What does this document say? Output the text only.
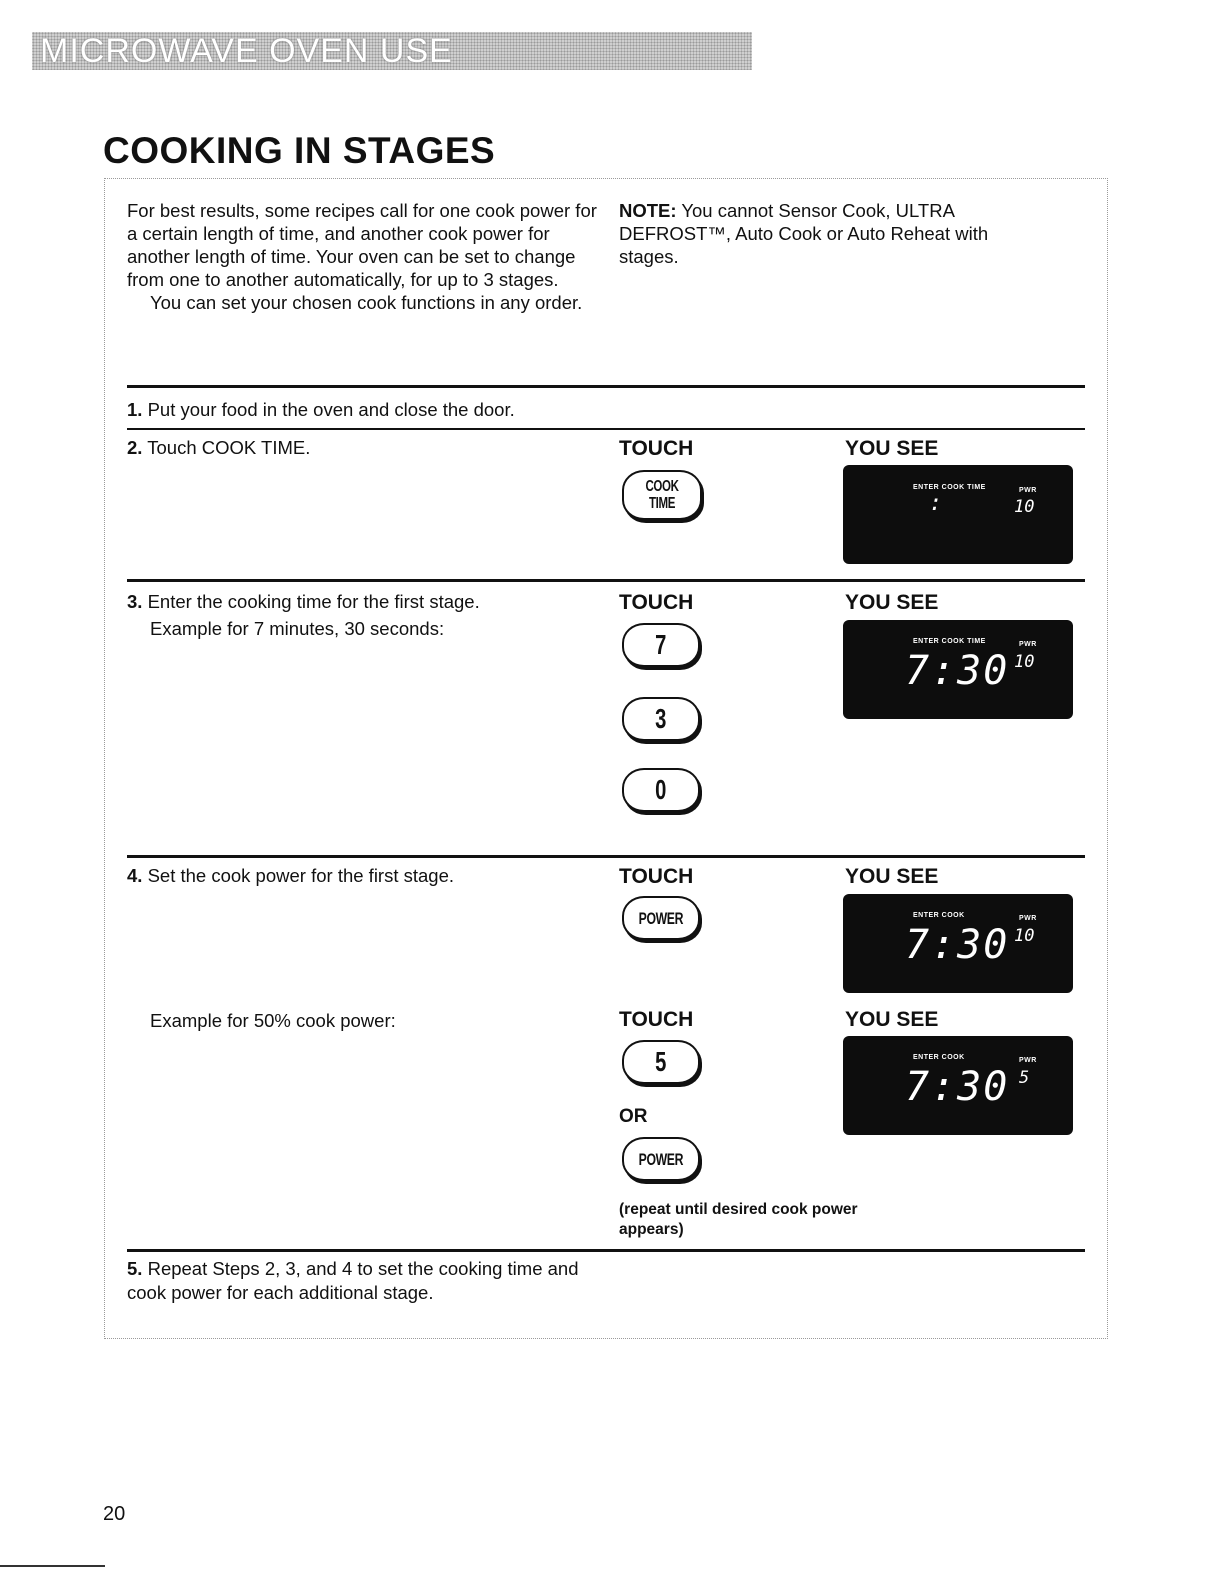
MICROWAVE OVEN USE
COOKING IN STAGES

For best results, some recipes call for one cook power for a certain length of time, and another cook power for another length of time. Your oven can be set to change from one to another automatically, for up to 3 stages.

You can set your chosen cook functions in any order.

NOTE: You cannot Sensor Cook, ULTRA DEFROST™, Auto Cook or Auto Reheat with stages.
1. Put your food in the oven and close the door.
2. Touch COOK TIME.	TOUCH	YOU SEE
COOK
TIME
ENTER COOK TIME	PWR
:	10
3. Enter the cooking time for the first stage.
Example for 7 minutes, 30 seconds:
TOUCH	YOU SEE
7
3
0
ENTER COOK TIME	PWR
7:30 10
4. Set the cook power for the first stage.
Example for 50% cook power:
TOUCH	YOU SEE
POWER	ENTER COOK	PWR
7:30 10
TOUCH	YOU SEE
5
OR
POWER
(repeat until desired cook power appears)
ENTER COOK	PWR
7:30 5
5. Repeat Steps 2, 3, and 4 to set the cooking time and cook power for each additional stage.
20
